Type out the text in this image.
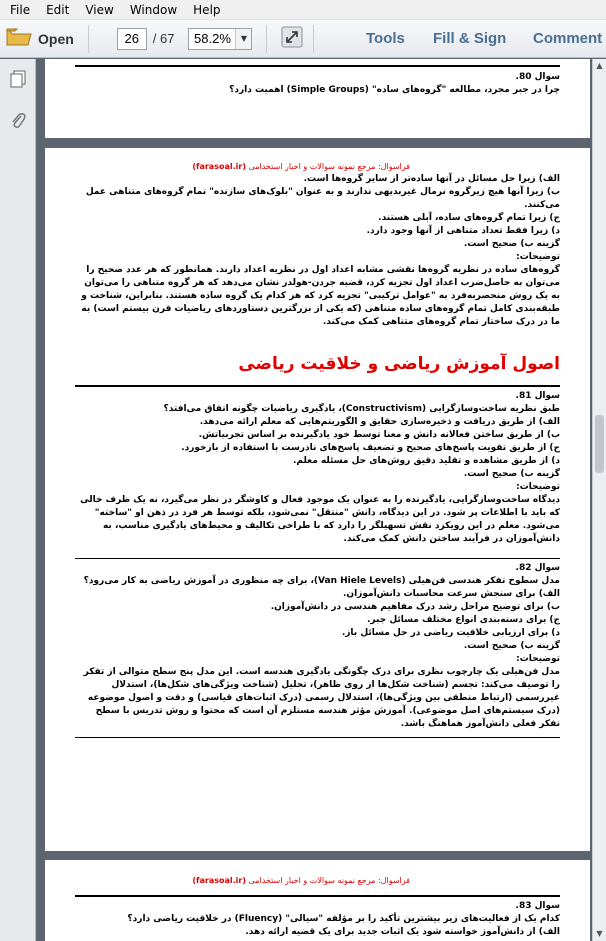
File	Edit	View	Window	Help
Open	26	/ 67	58.2%	▼	Tools Fill & Sign Comment
سوال 80.
چرا در جبر مجرد، مطالعه "گروه‌های ساده" (Simple Groups) اهمیت دارد؟
فراسوال: مرجع نمونه سوالات و اخبار استخدامی (farasoal.ir)
الف) زیرا حل مسائل در آنها ساده‌تر از سایر گروه‌ها است.
ب) زیرا آنها هیچ زیرگروه نرمال غیربدیهی ندارند و به عنوان "بلوک‌های سازنده" تمام گروه‌های متناهی عمل می‌کنند.
ج) زیرا تمام گروه‌های ساده، آبلی هستند.
د) زیرا فقط تعداد متناهی از آنها وجود دارد.
گزینه ب) صحیح است.
توضیحات:
گروه‌های ساده در نظریه گروه‌ها نقشی مشابه اعداد اول در نظریه اعداد دارند. همانطور که هر عدد صحیح را می‌توان به حاصل‌ضرب اعداد اول تجزیه کرد، قضیه جردن-هولدر نشان می‌دهد که هر گروه متناهی را می‌توان به یک روش منحصربه‌فرد به "عوامل ترکیبی" تجزیه کرد که هر کدام یک گروه ساده هستند. بنابراین، شناخت و طبقه‌بندی کامل تمام گروه‌های ساده متناهی (که یکی از بزرگترین دستاوردهای ریاضیات قرن بیستم است) به ما در درک ساختار تمام گروه‌های متناهی کمک می‌کند.
اصول آموزش ریاضی و خلاقیت ریاضی
سوال 81.
طبق نظریه ساخت‌وسازگرایی (Constructivism)، یادگیری ریاضیات چگونه اتفاق می‌افتد؟
الف) از طریق دریافت و ذخیره‌سازی حقایق و الگوریتم‌هایی که معلم ارائه می‌دهد.
ب) از طریق ساختن فعالانه دانش و معنا توسط خود یادگیرنده بر اساس تجربیاتش.
ج) از طریق تقویت پاسخ‌های صحیح و تضعیف پاسخ‌های نادرست با استفاده از بازخورد.
د) از طریق مشاهده و تقلید دقیق روش‌های حل مسئله معلم.
گزینه ب) صحیح است.
توضیحات:
دیدگاه ساخت‌وسازگرایی، یادگیرنده را به عنوان یک موجود فعال و کاوشگر در نظر می‌گیرد، نه یک ظرف خالی که باید با اطلاعات پر شود. در این دیدگاه، دانش "منتقل" نمی‌شود، بلکه توسط هر فرد در ذهن او "ساخته" می‌شود. معلم در این رویکرد نقش تسهیلگر را دارد که با طراحی تکالیف و محیط‌های یادگیری مناسب، به دانش‌آموزان در فرآیند ساختن دانش کمک می‌کند.
سوال 82.
مدل سطوح تفکر هندسی فن‌هیلی (Van Hiele Levels)، برای چه منظوری در آموزش ریاضی به کار می‌رود؟
الف) برای سنجش سرعت محاسبات دانش‌آموزان.
ب) برای توضیح مراحل رشد درک مفاهیم هندسی در دانش‌آموزان.
ج) برای دسته‌بندی انواع مختلف مسائل جبر.
د) برای ارزیابی خلاقیت ریاضی در حل مسائل باز.
گزینه ب) صحیح است.
توضیحات:
مدل فن‌هیلی یک چارچوب نظری برای درک چگونگی یادگیری هندسه است. این مدل پنج سطح متوالی از تفکر را توصیف می‌کند: تجسم (شناخت شکل‌ها از روی ظاهر)، تحلیل (شناخت ویژگی‌های شکل‌ها)، استدلال غیررسمی (ارتباط منطقی بین ویژگی‌ها)، استدلال رسمی (درک اثبات‌های قیاسی) و دقت و اصول موضوعه (درک سیستم‌های اصل موضوعی). آموزش مؤثر هندسه مستلزم آن است که محتوا و روش تدریس با سطح تفکر فعلی دانش‌آموز هماهنگ باشد.
فراسوال: مرجع نمونه سوالات و اخبار استخدامی (farasoal.ir)
سوال 83.
کدام یک از فعالیت‌های زیر بیشترین تأکید را بر مؤلفه "سیالی" (Fluency) در خلاقیت ریاضی دارد؟
الف) از دانش‌آموز خواسته شود یک اثبات جدید برای یک قضیه ارائه دهد.
▲
▼
